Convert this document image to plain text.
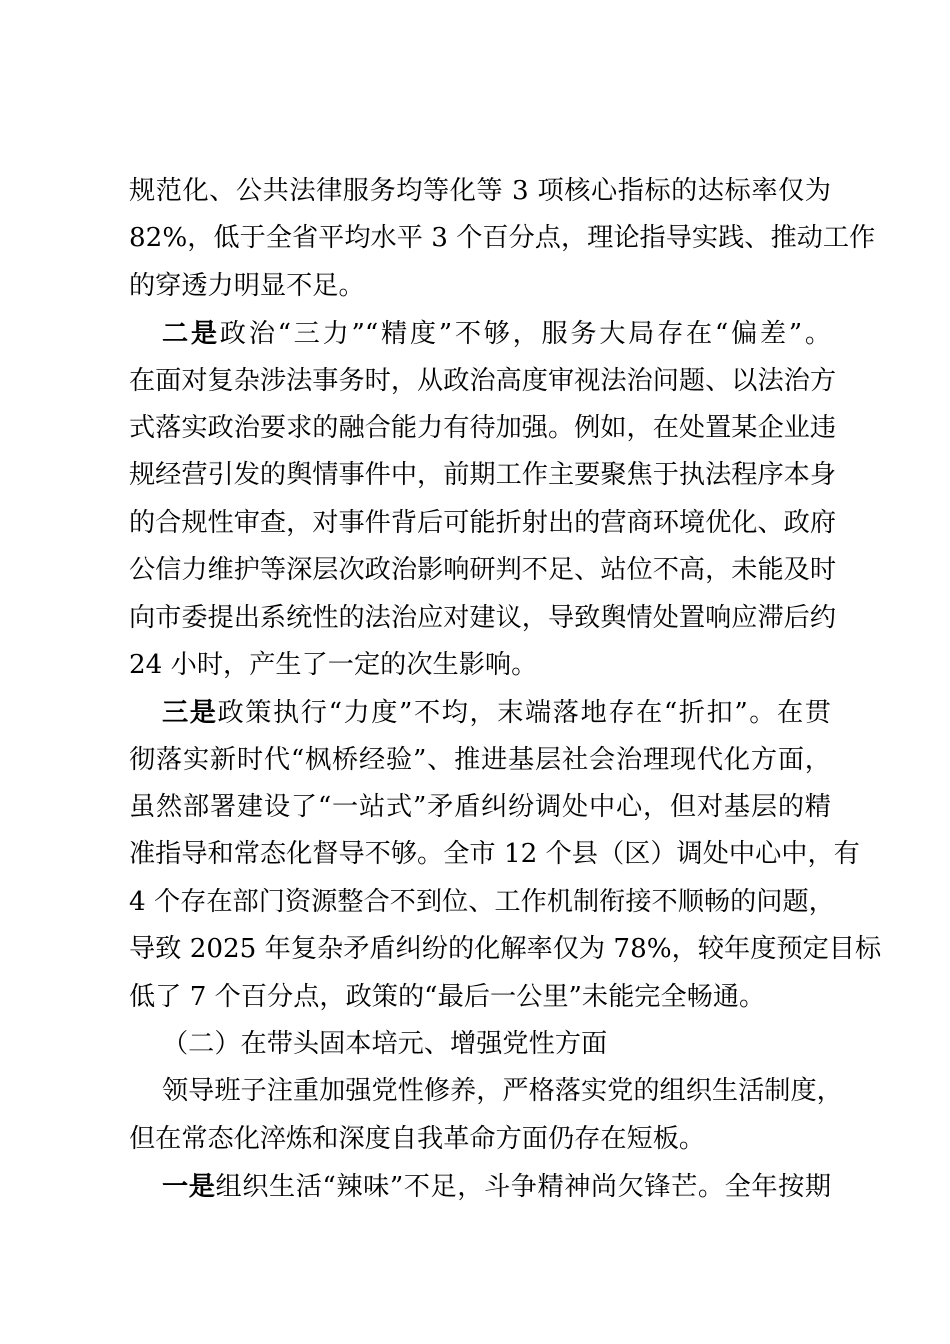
规范化、公共法律服务均等化等 3 项核心指标的达标率仅为
82%，低于全省平均水平 3 个百分点，理论指导实践、推动工作
的穿透力明显不足。
二是政治“三力”“精度”不够，服务大局存在“偏差”。
在面对复杂涉法事务时，从政治高度审视法治问题、以法治方
式落实政治要求的融合能力有待加强。例如，在处置某企业违
规经营引发的舆情事件中，前期工作主要聚焦于执法程序本身
的合规性审查，对事件背后可能折射出的营商环境优化、政府
公信力维护等深层次政治影响研判不足、站位不高，未能及时
向市委提出系统性的法治应对建议，导致舆情处置响应滞后约
24 小时，产生了一定的次生影响。
三是政策执行“力度”不均，末端落地存在“折扣”。在贯
彻落实新时代“枫桥经验”、推进基层社会治理现代化方面，
虽然部署建设了“一站式”矛盾纠纷调处中心，但对基层的精
准指导和常态化督导不够。全市 12 个县（区）调处中心中，有
4 个存在部门资源整合不到位、工作机制衔接不顺畅的问题，
导致 2025 年复杂矛盾纠纷的化解率仅为 78%，较年度预定目标
低了 7 个百分点，政策的“最后一公里”未能完全畅通。
（二）在带头固本培元、增强党性方面
领导班子注重加强党性修养，严格落实党的组织生活制度，
但在常态化淬炼和深度自我革命方面仍存在短板。
一是组织生活“辣味”不足，斗争精神尚欠锋芒。全年按期
